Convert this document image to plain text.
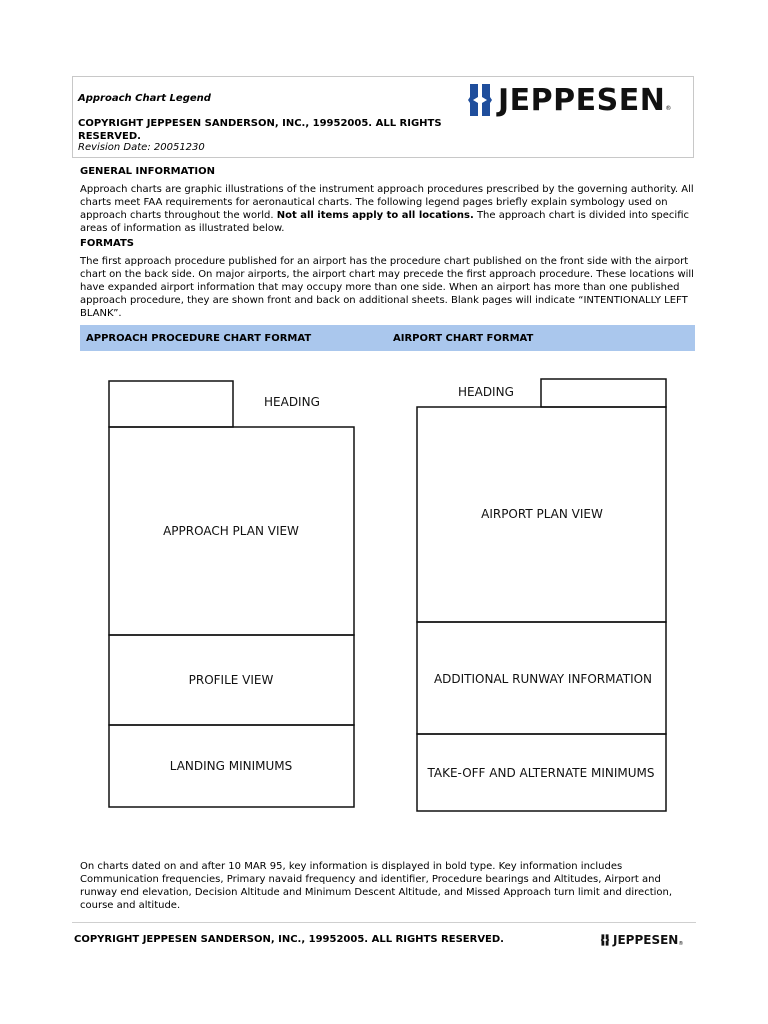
Approach Chart Legend
COPYRIGHT JEPPESEN SANDERSON, INC., 19952005. ALL RIGHTS RESERVED.
Revision Date: 20051230
JEPPESEN ®
GENERAL INFORMATION
Approach charts are graphic illustrations of the instrument approach procedures prescribed by the governing authority. All charts meet FAA requirements for aeronautical charts. The following legend pages briefly explain symbology used on approach charts throughout the world. Not all items apply to all locations. The approach chart is divided into specific areas of information as illustrated below.
FORMATS
The first approach procedure published for an airport has the procedure chart published on the front side with the airport chart on the back side. On major airports, the airport chart may precede the first approach procedure. These locations will have expanded airport information that may occupy more than one side. When an airport has more than one published approach procedure, they are shown front and back on additional sheets. Blank pages will indicate “INTENTIONALLY LEFT BLANK”.
APPROACH PROCEDURE CHART FORMAT	AIRPORT CHART FORMAT
HEADING
APPROACH PLAN VIEW
PROFILE VIEW
LANDING MINIMUMS
HEADING
AIRPORT PLAN VIEW
ADDITIONAL RUNWAY INFORMATION
TAKE-OFF AND ALTERNATE MINIMUMS
On charts dated on and after 10 MAR 95, key information is displayed in bold type. Key information includes Communication frequencies, Primary navaid frequency and identifier, Procedure bearings and Altitudes, Airport and runway end elevation, Decision Altitude and Minimum Descent Altitude, and Missed Approach turn limit and direction, course and altitude.
COPYRIGHT JEPPESEN SANDERSON, INC., 19952005. ALL RIGHTS RESERVED.	JEPPESEN ®
